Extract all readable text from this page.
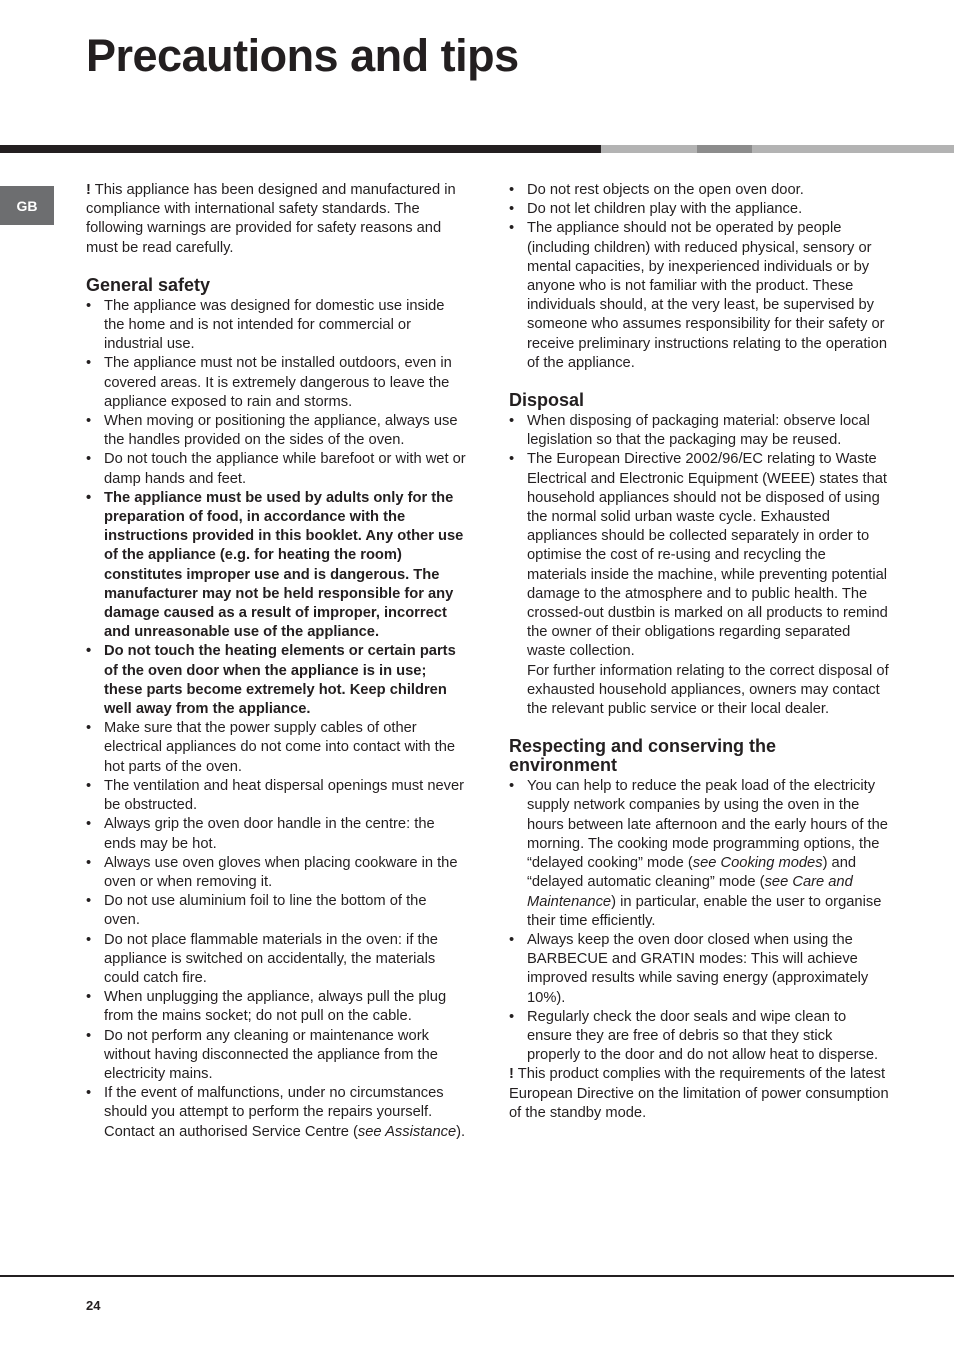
Precautions and tips
GB

! This appliance has been designed and manufactured in compliance with international safety standards. The following warnings are provided for safety reasons and must be read carefully.

General safety
• The appliance was designed for domestic use inside the home and is not intended for commercial or industrial use.
• The appliance must not be installed outdoors, even in covered areas. It is extremely dangerous to leave the appliance exposed to rain and storms.
• When moving or positioning the appliance, always use the handles provided on the sides of the oven.
• Do not touch the appliance while barefoot or with wet or damp hands and feet.
• The appliance must be used by adults only for the preparation of food, in accordance with the instructions provided in this booklet. Any other use of the appliance (e.g. for heating the room) constitutes improper use and is dangerous. The manufacturer may not be held responsible for any damage caused as a result of improper, incorrect and unreasonable use of the appliance.
• Do not touch the heating elements or certain parts of the oven door when the appliance is in use; these parts become extremely hot. Keep children well away from the appliance.
• Make sure that the power supply cables of other electrical appliances do not come into contact with the hot parts of the oven.
• The ventilation and heat dispersal openings must never be obstructed.
• Always grip the oven door handle in the centre: the ends may be hot.
• Always use oven gloves when placing cookware in the oven or when removing it.
• Do not use aluminium foil to line the bottom of the oven.
• Do not place flammable materials in the oven: if the appliance is switched on accidentally, the materials could catch fire.
• When unplugging the appliance, always pull the plug from the mains socket; do not pull on the cable.
• Do not perform any cleaning or maintenance work without having disconnected the appliance from the electricity mains.
• If the event of malfunctions, under no circumstances should you attempt to perform the repairs yourself. Contact an authorised Service Centre (see Assistance).
• Do not rest objects on the open oven door.
• Do not let children play with the appliance.
• The appliance should not be operated by people (including children) with reduced physical, sensory or mental capacities, by inexperienced individuals or by anyone who is not familiar with the product. These individuals should, at the very least, be supervised by someone who assumes responsibility for their safety or receive preliminary instructions relating to the operation of the appliance.
Disposal
• When disposing of packaging material: observe local legislation so that the packaging may be reused.
• The European Directive 2002/96/EC relating to Waste Electrical and Electronic Equipment (WEEE) states that household appliances should not be disposed of using the normal solid urban waste cycle. Exhausted appliances should be collected separately in order to optimise the cost of re-using and recycling the materials inside the machine, while preventing potential damage to the atmosphere and to public health. The crossed-out dustbin is marked on all products to remind the owner of their obligations regarding separated waste collection.

For further information relating to the correct disposal of exhausted household appliances, owners may contact the relevant public service or their local dealer.

Respecting and conserving the environment
• You can help to reduce the peak load of the electricity supply network companies by using the oven in the hours between late afternoon and the early hours of the morning. The cooking mode programming options, the “delayed cooking” mode (see Cooking modes) and “delayed automatic cleaning” mode (see Care and Maintenance) in particular, enable the user to organise their time efficiently.
• Always keep the oven door closed when using the BARBECUE and GRATIN modes: This will achieve improved results while saving energy (approximately 10%).
• Regularly check the door seals and wipe clean to ensure they are free of debris so that they stick properly to the door and do not allow heat to disperse.

! This product complies with the requirements of the latest European Directive on the limitation of power consumption of the standby mode.

24
